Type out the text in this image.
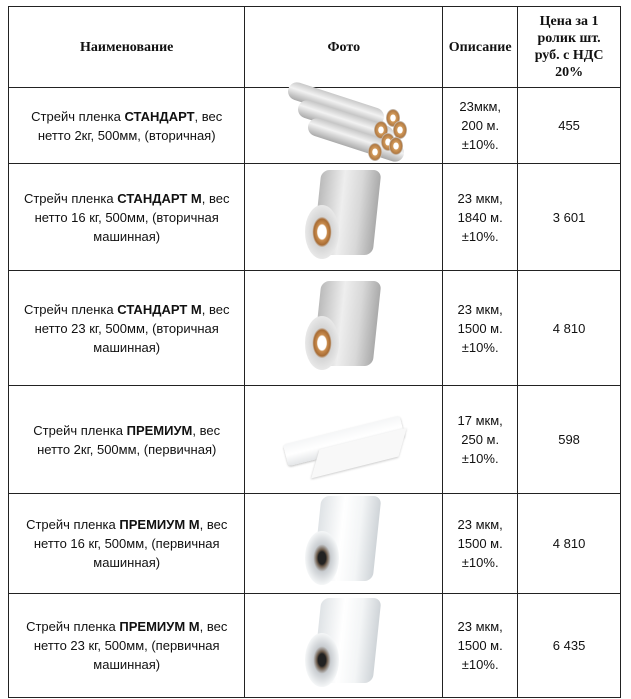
Наименование	Фото	Описание	Цена за 1 ролик шт. руб. с НДС 20%
Стрейч пленка СТАНДАРТ, вес нетто 2кг, 500мм, (вторичная)		23мкм,
200 м.
±10%.	455
Стрейч пленка СТАНДАРТ М, вес нетто 16 кг, 500мм, (вторичная машинная)		23 мкм,
1840 м.
±10%.	3 601
Стрейч пленка СТАНДАРТ М, вес нетто 23 кг, 500мм, (вторичная машинная)		23 мкм,
1500 м.
±10%.	4 810
Стрейч пленка ПРЕМИУМ, вес нетто 2кг, 500мм, (первичная)		17 мкм,
250 м.
±10%.	598
Стрейч пленка ПРЕМИУМ М, вес нетто 16 кг, 500мм, (первичная машинная)		23 мкм,
1500 м.
±10%.	4 810
Стрейч пленка ПРЕМИУМ М, вес нетто 23 кг, 500мм, (первичная машинная)		23 мкм,
1500 м.
±10%.	6 435
